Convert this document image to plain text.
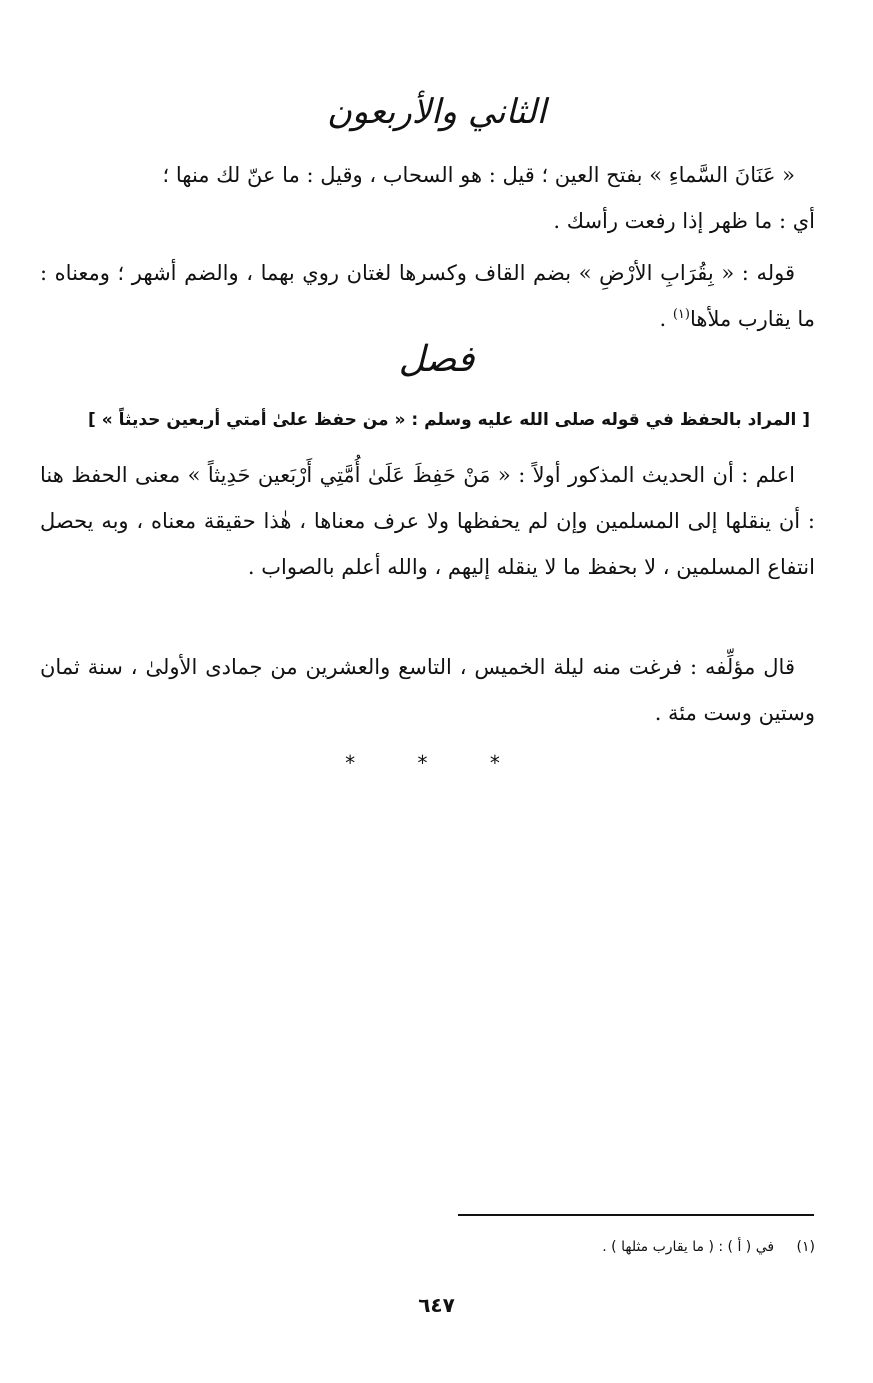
الثاني والأربعون

« عَنَانَ السَّماءِ » بفتح العين ؛ قيل : هو السحاب ، وقيل : ما عنّ لك منها ؛

أي : ما ظهر إذا رفعت رأسك .

قوله : « بِقُرَابِ الأرْضِ » بضم القاف وكسرها لغتان روي بهما ، والضم أشهر ؛ ومعناه : ما يقارب ملأها$^{(١)}$ .

فصل
[ المراد بالحفظ في قوله صلى الله عليه وسلم : « من حفظ علىٰ أمتي أربعين حديثاً » ]

اعلم : أن الحديث المذكور أولاً : « مَنْ حَفِظَ عَلَىٰ أُمَّتِي أَرْبَعين حَدِيثاً » معنى الحفظ هنا : أن ينقلها إلى المسلمين وإن لم يحفظها ولا عرف معناها ، هٰذا حقيقة معناه ، وبه يحصل انتفاع المسلمين ، لا بحفظ ما لا ينقله إليهم ، والله أعلم بالصواب .

قال مؤلِّفه : فرغت منه ليلة الخميس ، التاسع والعشرين من جمادى الأولىٰ ، سنة ثمان وستين وست مئة .

* * *
(١) في ( أ ) : ( ما يقارب مثلها ) .
٦٤٧
